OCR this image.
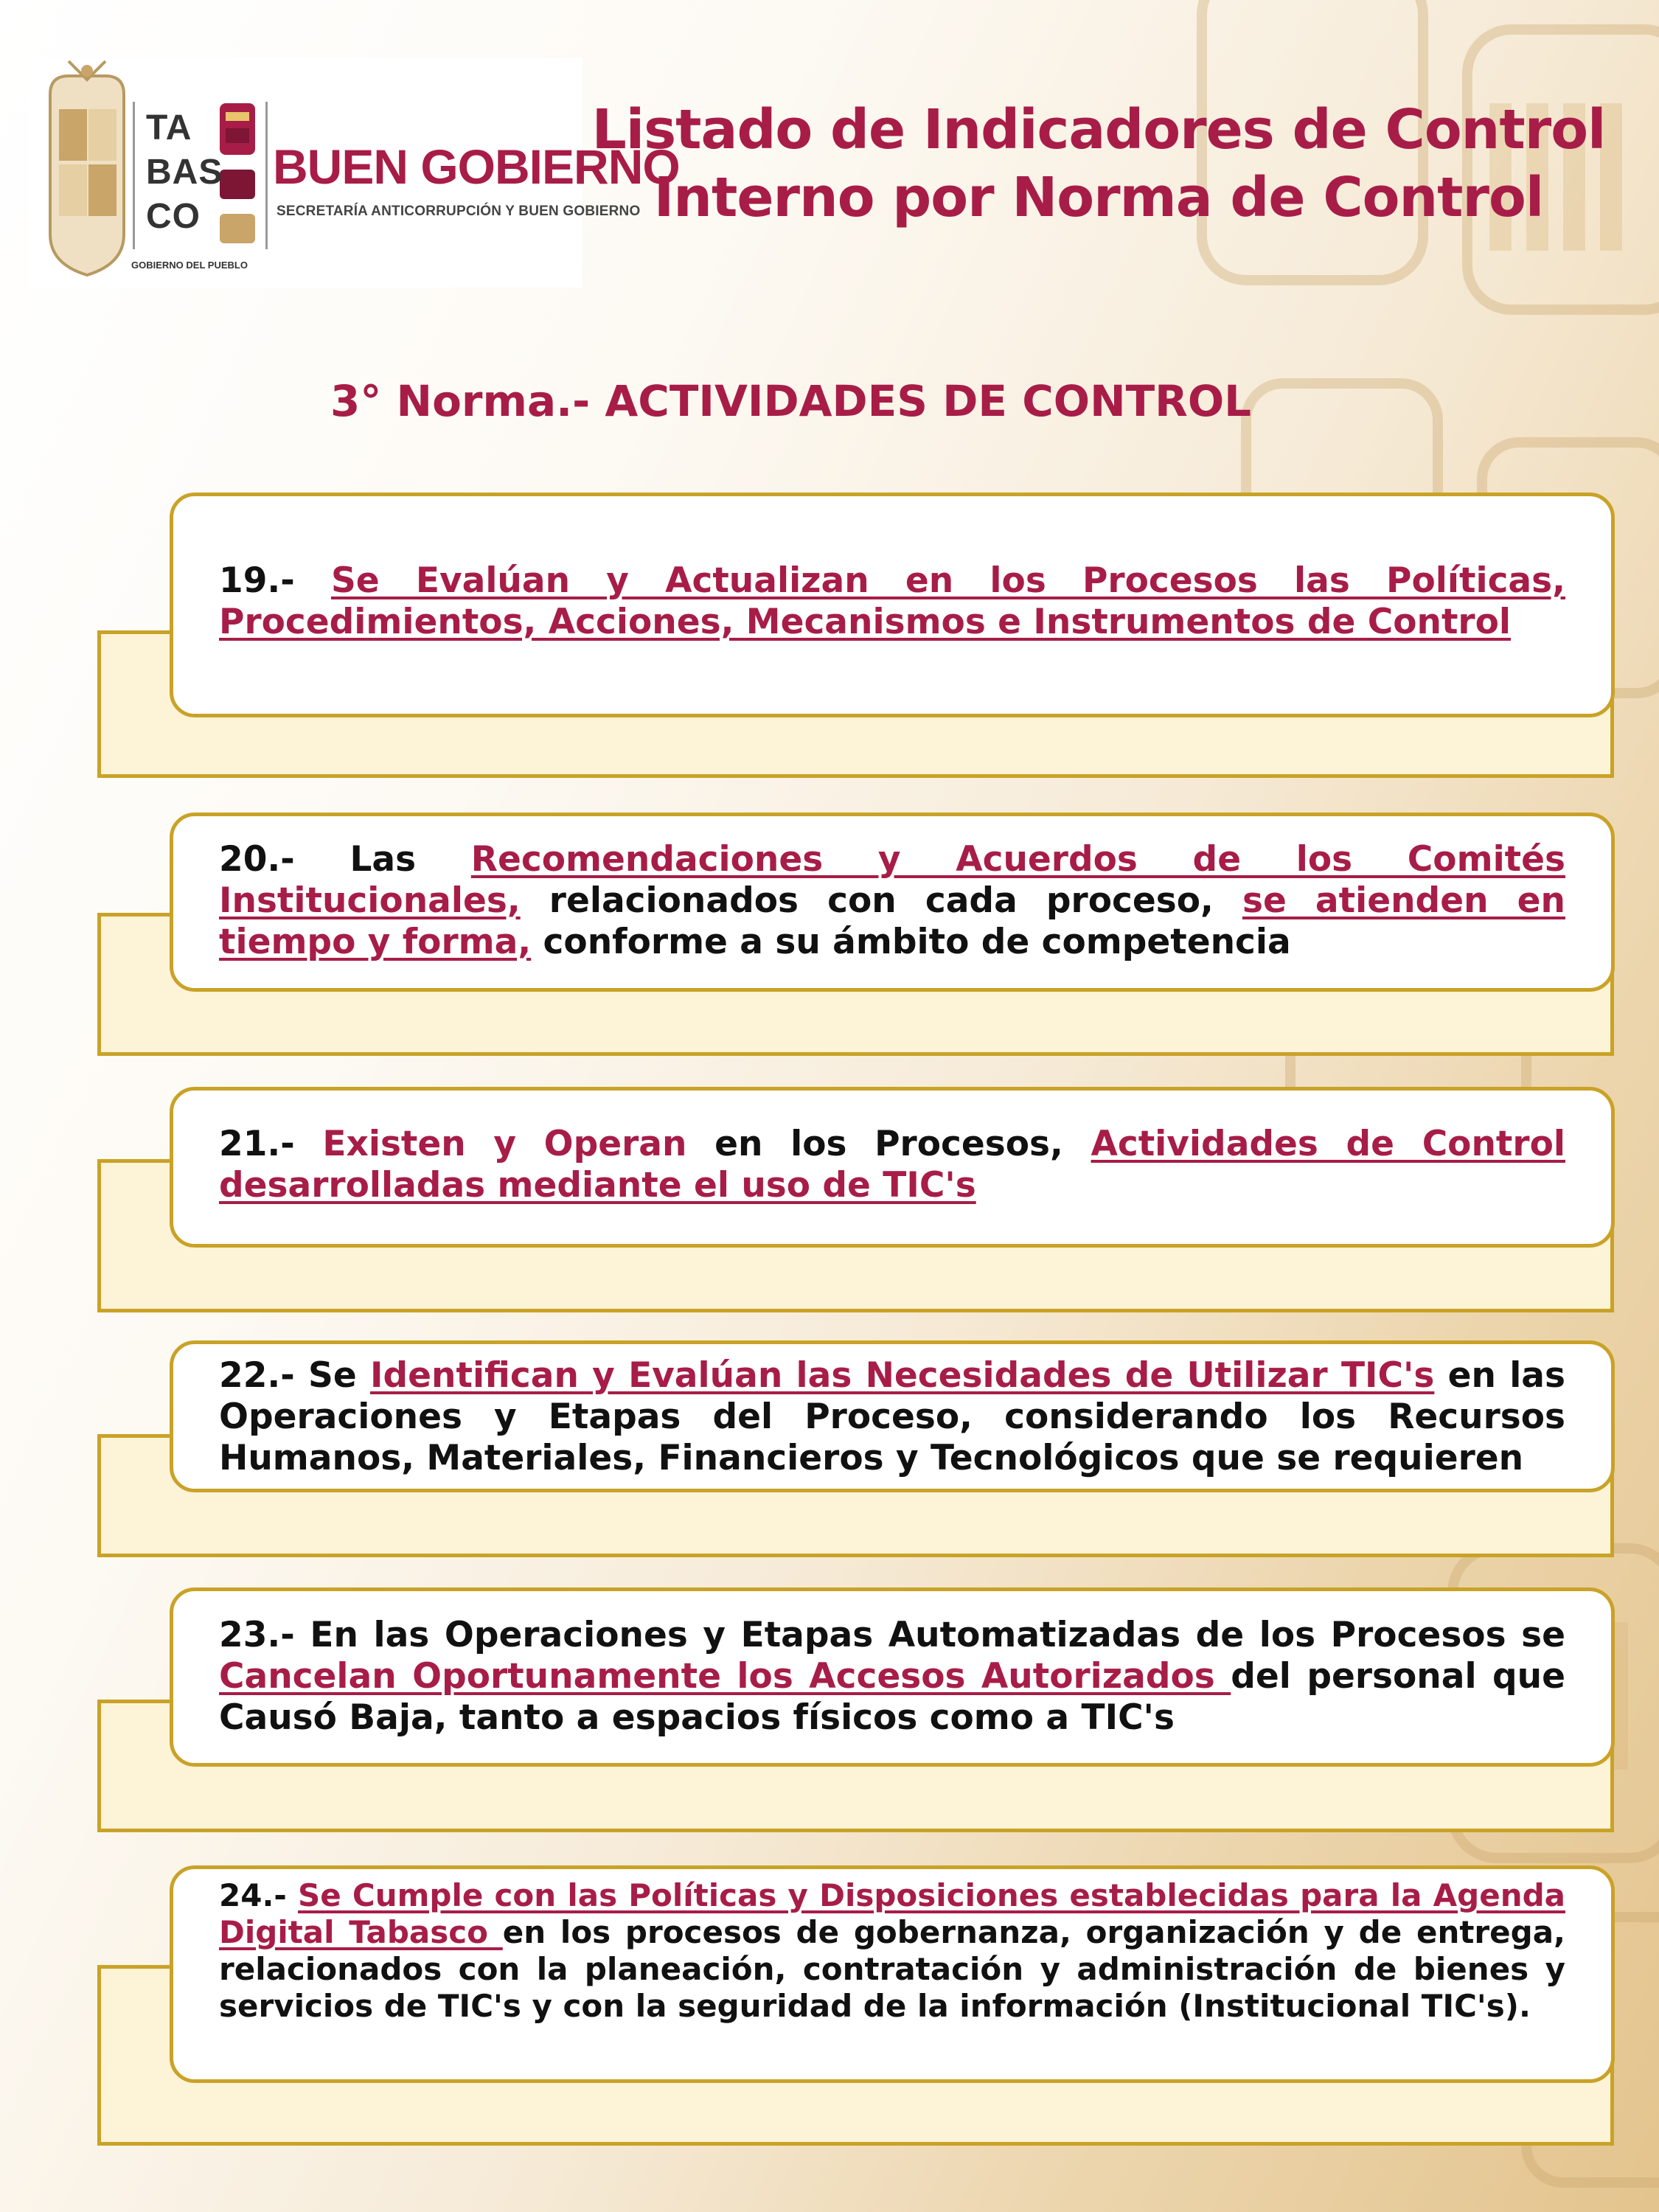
TA
BAS
CO
GOBIERNO DEL PUEBLO
BUEN GOBIERNO
SECRETARÍA ANTICORRUPCIÓN Y BUEN GOBIERNO
Listado de Indicadores de Control Interno por Norma de Control
3° Norma.- ACTIVIDADES DE CONTROL
19.- Se Evalúan y Actualizan en los Procesos las Políticas, Procedimientos, Acciones, Mecanismos e Instrumentos de Control
20.- Las Recomendaciones y Acuerdos de los Comités Institucionales, relacionados con cada proceso, se atienden en tiempo y forma, conforme a su ámbito de competencia
21.- Existen y Operan en los Procesos, Actividades de Control desarrolladas mediante el uso de TIC's
22.- Se Identifican y Evalúan las Necesidades de Utilizar TIC's en las Operaciones y Etapas del Proceso, considerando los Recursos Humanos, Materiales, Financieros y Tecnológicos que se requieren
23.- En las Operaciones y Etapas Automatizadas de los Procesos se Cancelan Oportunamente los Accesos Autorizados del personal que Causó Baja, tanto a espacios físicos como a TIC's
24.- Se Cumple con las Políticas y Disposiciones establecidas para la Agenda Digital Tabasco en los procesos de gobernanza, organización y de entrega, relacionados con la planeación, contratación y administración de bienes y servicios de TIC's y con la seguridad de la información (Institucional TIC's).
